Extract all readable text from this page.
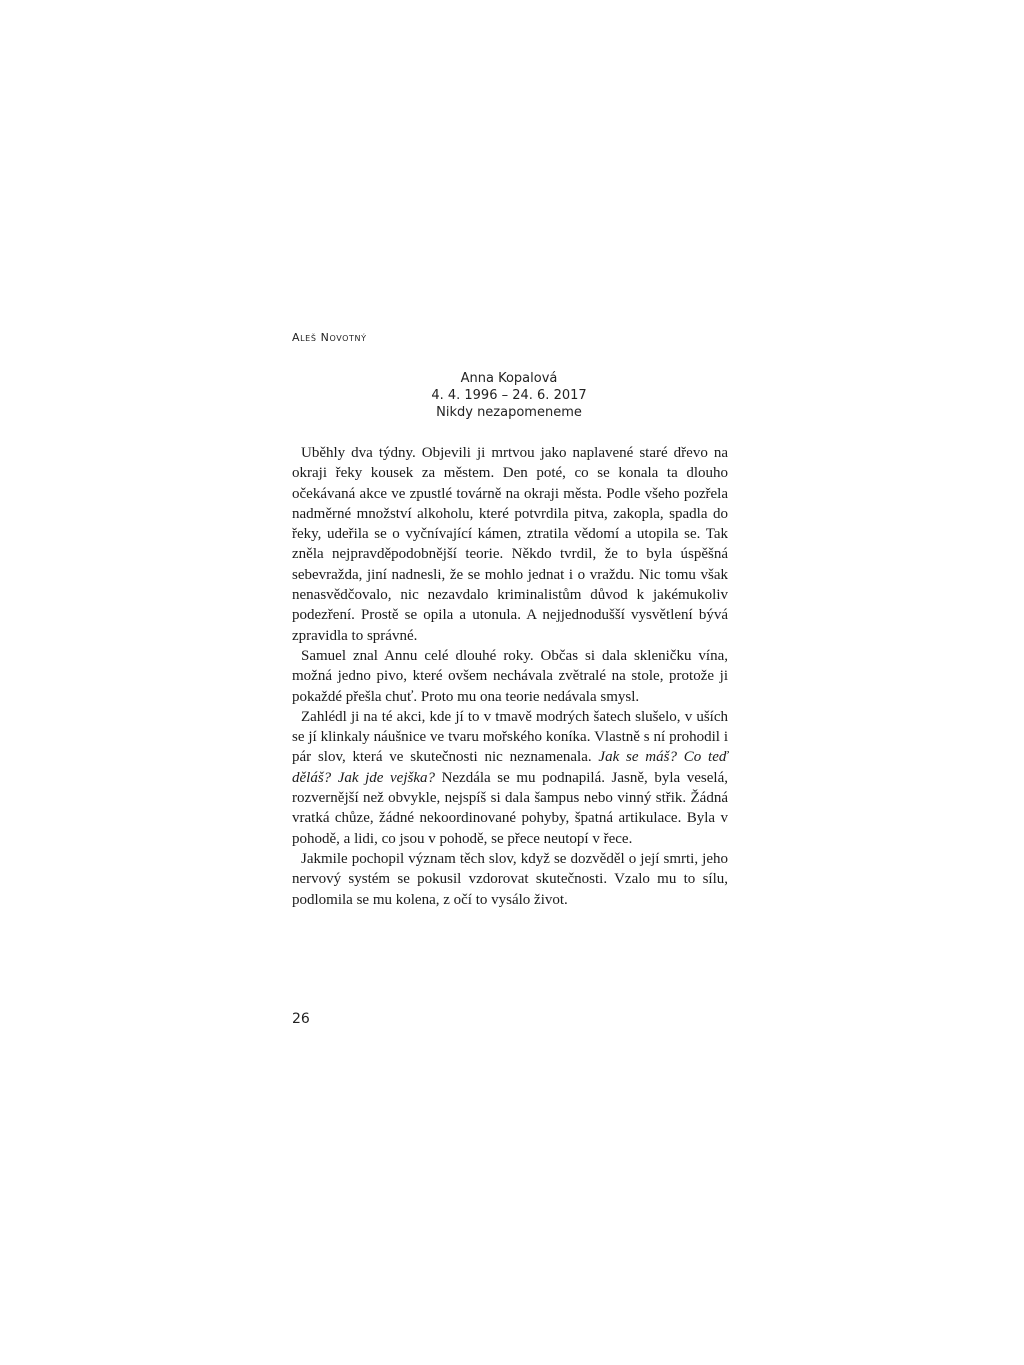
Aleš Novotný
Anna Kopalová
4. 4. 1996 – 24. 6. 2017
Nikdy nezapomeneme

Uběhly dva týdny. Objevili ji mrtvou jako naplavené staré dřevo na okraji řeky kousek za městem. Den poté, co se konala ta dlouho očekávaná akce ve zpustlé továrně na okraji města. Podle všeho pozřela nadměrné množství alkoholu, které potvrdila pitva, zakopla, spadla do řeky, udeřila se o vyčnívající kámen, ztratila vědomí a utopila se. Tak zněla nejpravděpodobnější teorie. Někdo tvrdil, že to byla úspěšná sebevražda, jiní nadnesli, že se mohlo jednat i o vraždu. Nic tomu však nenasvědčovalo, nic nezavdalo kriminalistům důvod k jakémukoliv podezření. Prostě se opila a utonula. A nejjednodušší vysvětlení bývá zpravidla to správné.

Samuel znal Annu celé dlouhé roky. Občas si dala skleničku vína, možná jedno pivo, které ovšem nechávala zvětralé na stole, protože ji pokaždé přešla chuť. Proto mu ona teorie nedávala smysl.

Zahlédl ji na té akci, kde jí to v tmavě modrých šatech slušelo, v uších se jí klinkaly náušnice ve tvaru mořského koníka. Vlastně s ní prohodil i pár slov, která ve skutečnosti nic neznamenala. Jak se máš? Co teď děláš? Jak jde vejška? Nezdála se mu podnapilá. Jasně, byla veselá, rozvernější než obvykle, nejspíš si dala šampus nebo vinný střik. Žádná vratká chůze, žádné nekoordinované pohyby, špatná artikulace. Byla v pohodě, a lidi, co jsou v pohodě, se přece neutopí v řece.

Jakmile pochopil význam těch slov, když se dozvěděl o její smrti, jeho nervový systém se pokusil vzdorovat skutečnosti. Vzalo mu to sílu, podlomila se mu kolena, z očí to vysálo život.

26
